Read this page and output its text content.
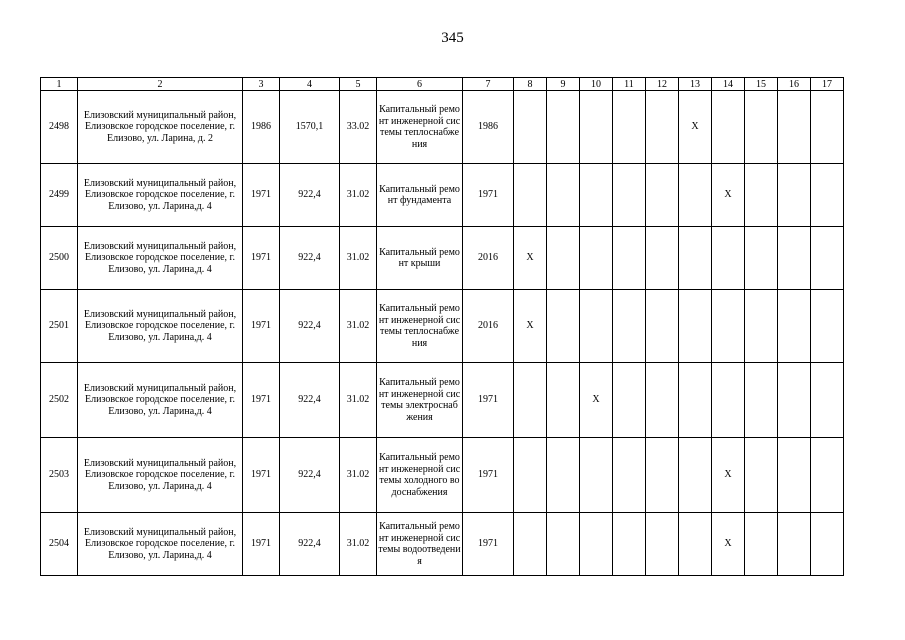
345
1	2	3	4	5	6	7	8	9	10	11	12	13	14	15	16	17
2498	Елизовский муниципальный район, Елизовское городское поселение, г. Елизово, ул. Ларина, д. 2	1986	1570,1	33.02	Капитальный ремонт инженерной системы теплоснабжения	1986						X				
2499	Елизовский муниципальный район, Елизовское городское поселение, г. Елизово, ул. Ларина,д. 4	1971	922,4	31.02	Капитальный ремонт фундамента	1971							X			
2500	Елизовский муниципальный район, Елизовское городское поселение, г. Елизово, ул. Ларина,д. 4	1971	922,4	31.02	Капитальный ремонт крыши	2016	X									
2501	Елизовский муниципальный район, Елизовское городское поселение, г. Елизово, ул. Ларина,д. 4	1971	922,4	31.02	Капитальный ремонт инженерной системы теплоснабжения	2016	X									
2502	Елизовский муниципальный район, Елизовское городское поселение, г. Елизово, ул. Ларина,д. 4	1971	922,4	31.02	Капитальный ремонт инженерной системы электроснабжения	1971			X							
2503	Елизовский муниципальный район, Елизовское городское поселение, г. Елизово, ул. Ларина,д. 4	1971	922,4	31.02	Капитальный ремонт инженерной системы холодного водоснабжения	1971							X			
2504	Елизовский муниципальный район, Елизовское городское поселение, г. Елизово, ул. Ларина,д. 4	1971	922,4	31.02	Капитальный ремонт инженерной системы водоотведения	1971							X			
